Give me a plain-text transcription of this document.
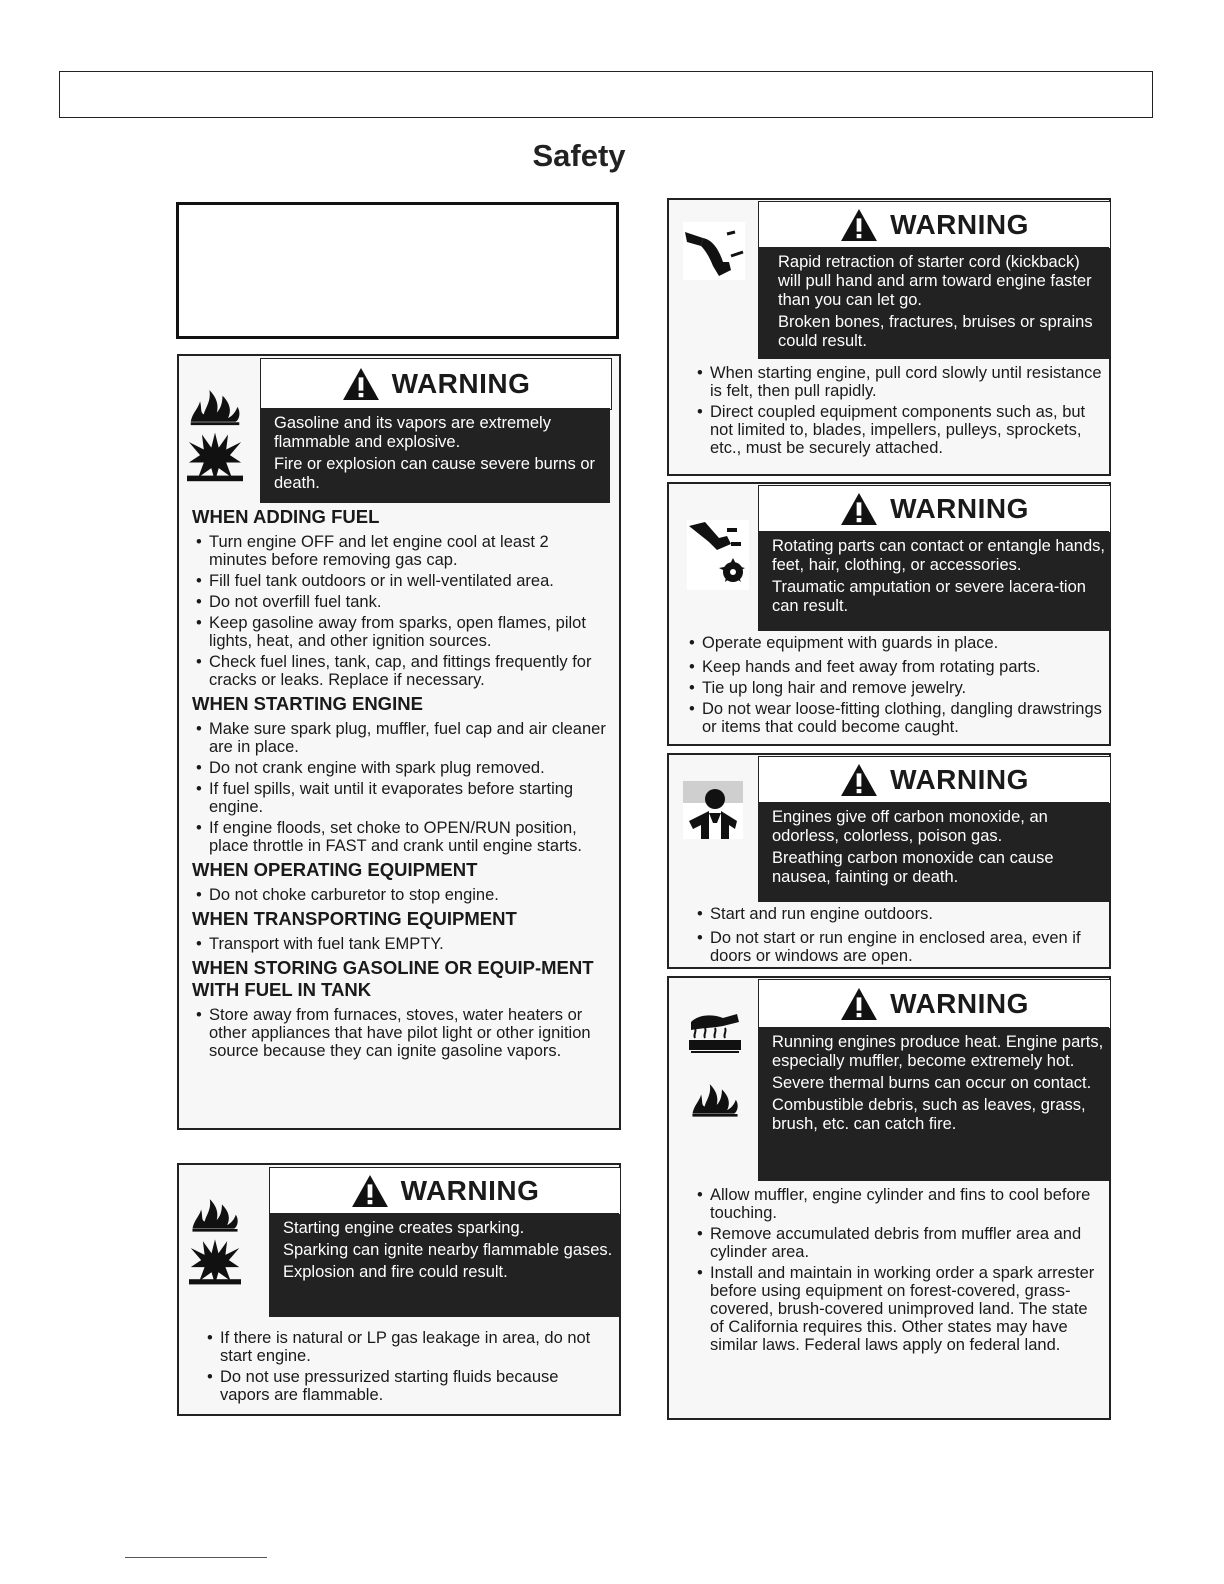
Safety
WARNING

Gasoline and its vapors are extremely flammable and explosive.

Fire or explosion can cause severe burns or death.

WHEN ADDING FUEL
• Turn engine OFF and let engine cool at least 2 minutes before removing gas cap.
• Fill fuel tank outdoors or in well-ventilated area.
• Do not overfill fuel tank.
• Keep gasoline away from sparks, open flames, pilot lights, heat, and other ignition sources.
• Check fuel lines, tank, cap, and fittings frequently for cracks or leaks. Replace if necessary.
WHEN STARTING ENGINE
• Make sure spark plug, muffler, fuel cap and air cleaner are in place.
• Do not crank engine with spark plug removed.
• If fuel spills, wait until it evaporates before starting engine.
• If engine floods, set choke to OPEN/RUN position, place throttle in FAST and crank until engine starts.
WHEN OPERATING EQUIPMENT
• Do not choke carburetor to stop engine.
WHEN TRANSPORTING EQUIPMENT
• Transport with fuel tank EMPTY.
WHEN STORING GASOLINE OR EQUIP-MENT WITH FUEL IN TANK
• Store away from furnaces, stoves, water heaters or other appliances that have pilot light or other ignition source because they can ignite gasoline vapors.
WARNING

Starting engine creates sparking.

Sparking can ignite nearby flammable gases.

Explosion and fire could result.

• If there is natural or LP gas leakage in area, do not start engine.
• Do not use pressurized starting fluids because vapors are flammable.
WARNING

Rapid retraction of starter cord (kickback) will pull hand and arm toward engine faster than you can let go.

Broken bones, fractures, bruises or sprains could result.

• When starting engine, pull cord slowly until resistance is felt, then pull rapidly.
• Direct coupled equipment components such as, but not limited to, blades, impellers, pulleys, sprockets, etc., must be securely attached.
WARNING

Rotating parts can contact or entangle hands, feet, hair, clothing, or accessories.

Traumatic amputation or severe lacera-tion can result.

• Operate equipment with guards in place.
• Keep hands and feet away from rotating parts.
• Tie up long hair and remove jewelry.
• Do not wear loose-fitting clothing, dangling drawstrings or items that could become caught.
WARNING

Engines give off carbon monoxide, an odorless, colorless, poison gas.

Breathing carbon monoxide can cause nausea, fainting or death.

• Start and run engine outdoors.
• Do not start or run engine in enclosed area, even if doors or windows are open.
WARNING

Running engines produce heat. Engine parts, especially muffler, become extremely hot.

Severe thermal burns can occur on contact.

Combustible debris, such as leaves, grass, brush, etc. can catch fire.

• Allow muffler, engine cylinder and fins to cool before touching.
• Remove accumulated debris from muffler area and cylinder area.
• Install and maintain in working order a spark arrester before using equipment on forest-covered, grass-covered, brush-covered unimproved land. The state of California requires this. Other states may have similar laws. Federal laws apply on federal land.
